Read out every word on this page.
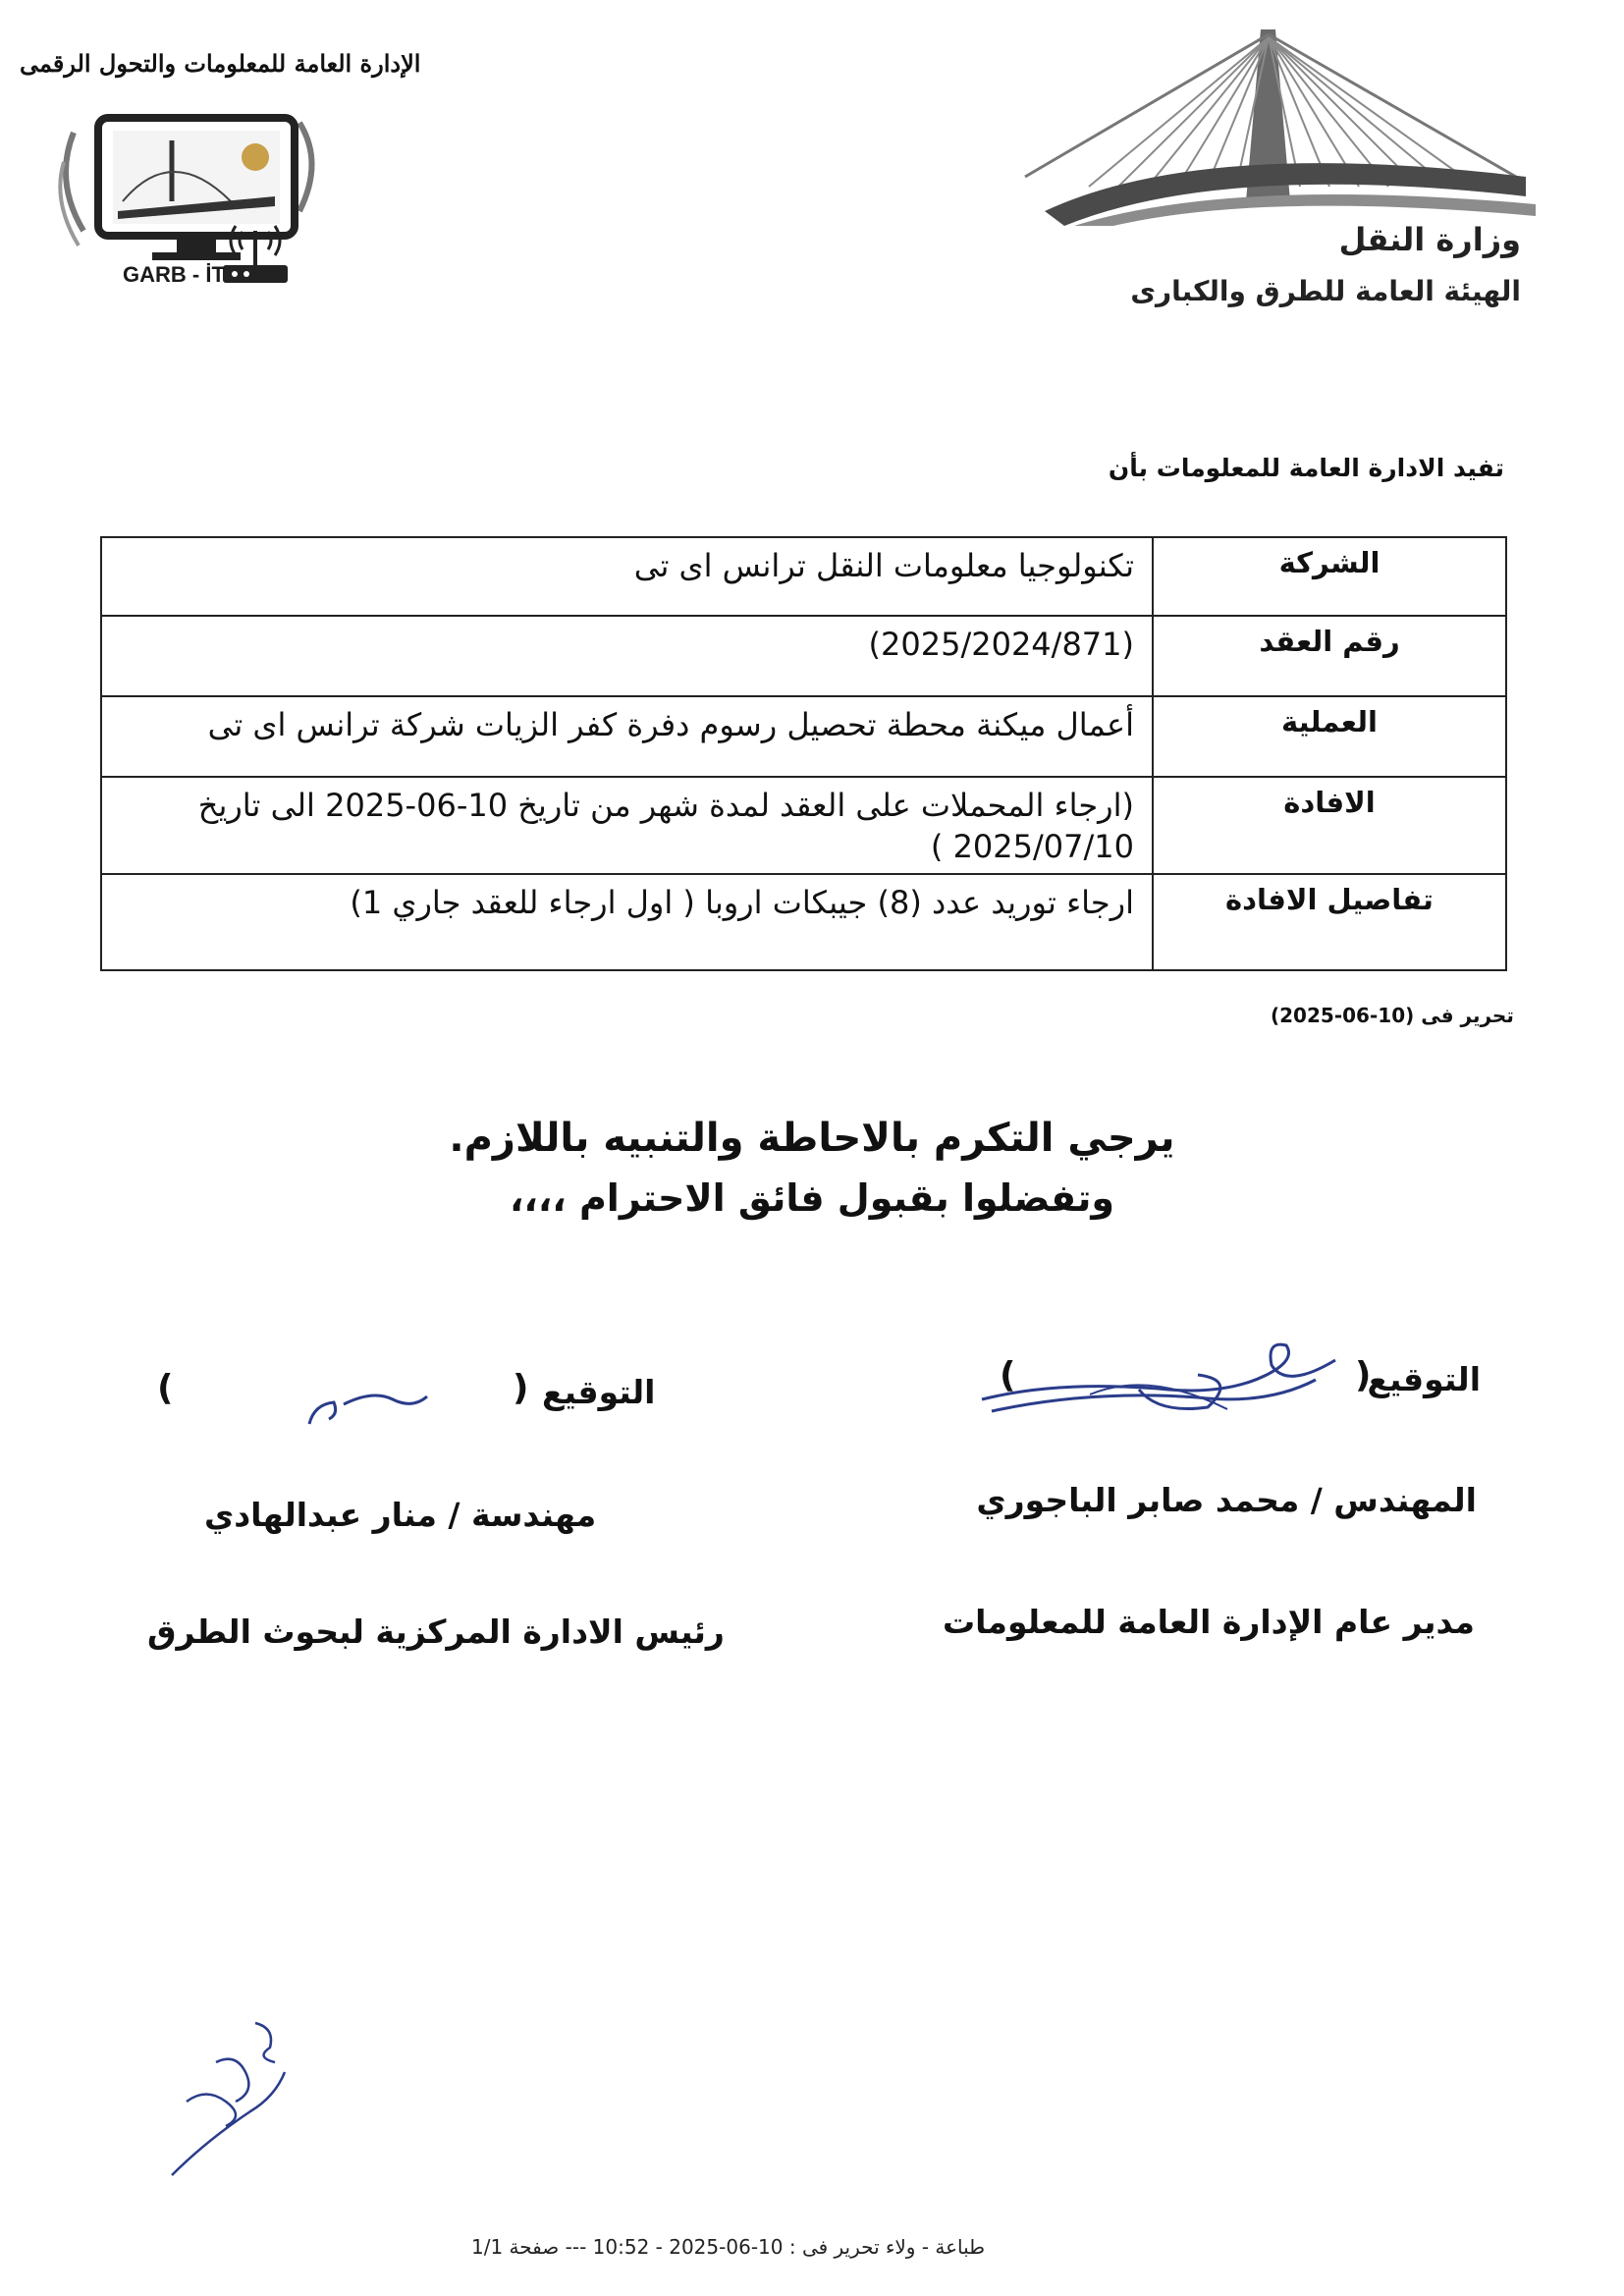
وزارة النقل
الهيئة العامة للطرق والكبارى
الإدارة العامة للمعلومات والتحول الرقمى
GARB - İT
تفيد الادارة العامة للمعلومات بأن
الشركة	تكنولوجيا معلومات النقل ترانس اى تى
رقم العقد	(2025/2024/871)
العملية	أعمال ميكنة محطة تحصيل رسوم دفرة كفر الزيات شركة ترانس اى تى
الافادة	(ارجاء المحملات على العقد لمدة شهر من تاريخ 10-06-2025 الى تاريخ 2025/07/10 )
تفاصيل الافادة	ارجاء توريد عدد (8) جيبكات اروبا ( اول ارجاء للعقد جاري 1)
تحرير فى (10-06-2025)
يرجي التكرم بالاحاطة والتنبيه باللازم.
وتفضلوا بقبول فائق الاحترام ،،،،
التوقيع
(
)
المهندس / محمد صابر الباجوري
مدير عام الإدارة العامة للمعلومات
التوقيع
(
)
مهندسة / منار عبدالهادي
رئيس الادارة المركزية لبحوث الطرق
طباعة - ولاء تحرير فى : 10-06-2025 - 10:52 --- صفحة 1/1
